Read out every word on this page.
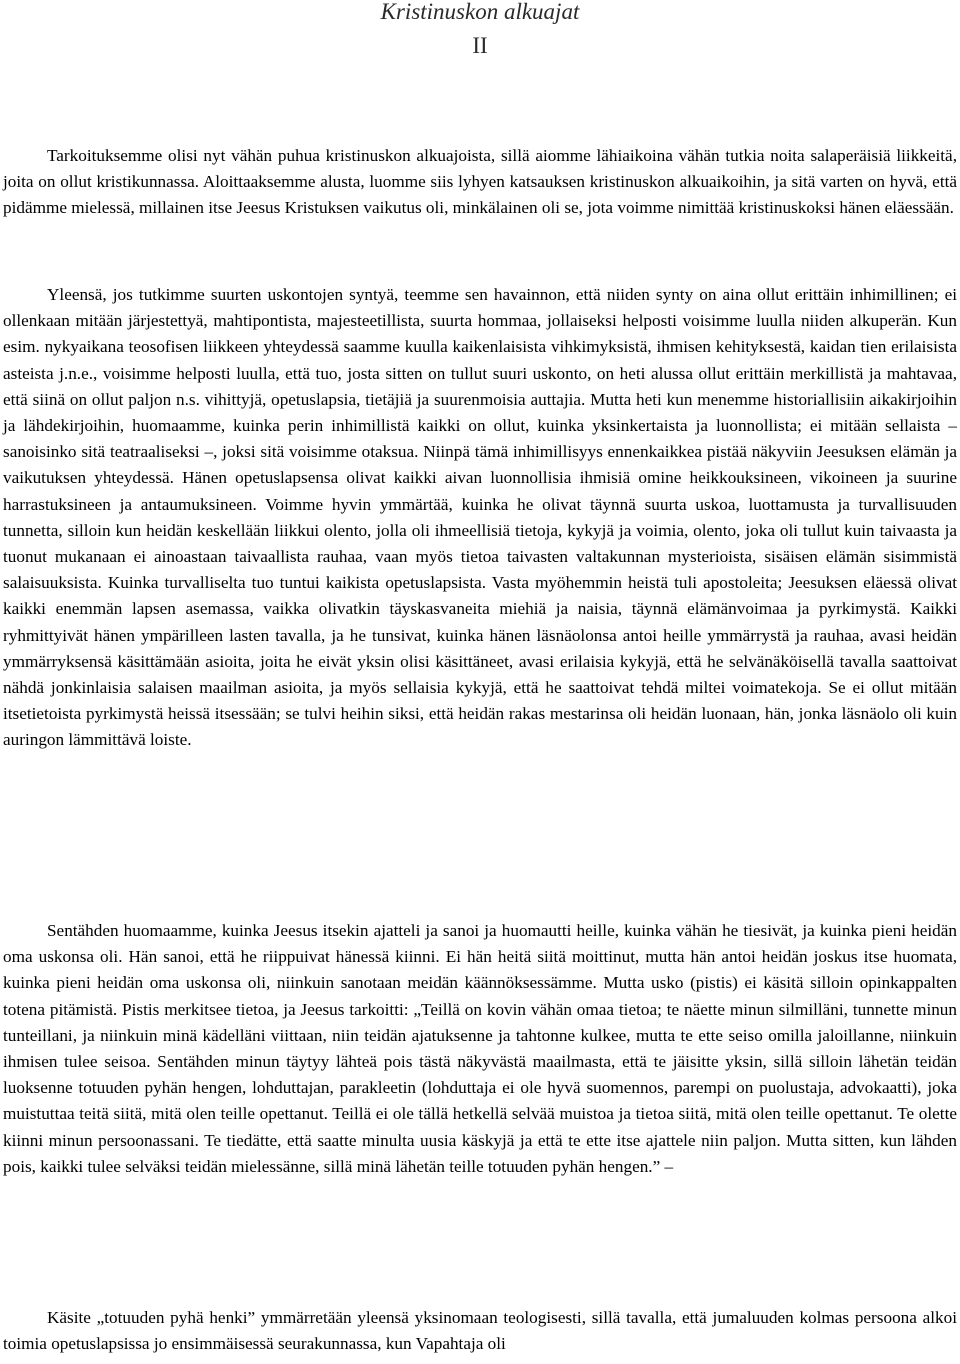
Kristinuskon alkuajat
II

Tarkoituksemme olisi nyt vähän puhua kristinuskon alkuajoista, sillä aiomme lähiaikoina vähän tutkia noita salaperäisiä liikkeitä, joita on ollut kristikunnassa. Aloittaaksemme alusta, luomme siis lyhyen katsauksen kristinuskon alkuaikoihin, ja sitä varten on hyvä, että pidämme mielessä, millainen itse Jeesus Kristuksen vaikutus oli, minkälainen oli se, jota voimme nimittää kristinuskoksi hänen eläessään.

Yleensä, jos tutkimme suurten uskontojen syntyä, teemme sen havainnon, että niiden synty on aina ollut erittäin inhimillinen; ei ollenkaan mitään järjestettyä, mahtipontista, majesteetillista, suurta hommaa, jollaiseksi helposti voisimme luulla niiden alkuperän. Kun esim. nykyaikana teosofisen liikkeen yhteydessä saamme kuulla kaikenlaisista vihkimyksistä, ihmisen kehityksestä, kaidan tien erilaisista asteista j.n.e., voisimme helposti luulla, että tuo, josta sitten on tullut suuri uskonto, on heti alussa ollut erittäin merkillistä ja mahtavaa, että siinä on ollut paljon n.s. vihittyjä, opetuslapsia, tietäjiä ja suurenmoisia auttajia. Mutta heti kun menemme historiallisiin aikakirjoihin ja lähdekirjoihin, huomaamme, kuinka perin inhimillistä kaikki on ollut, kuinka yksinkertaista ja luonnollista; ei mitään sellaista – sanoisinko sitä teatraaliseksi –, joksi sitä voisimme otaksua. Niinpä tämä inhimillisyys ennenkaikkea pistää näkyviin Jeesuksen elämän ja vaikutuksen yhteydessä. Hänen opetuslapsensa olivat kaikki aivan luonnollisia ihmisiä omine heikkouksineen, vikoineen ja suurine harrastuksineen ja antaumuksineen. Voimme hyvin ymmärtää, kuinka he olivat täynnä suurta uskoa, luottamusta ja turvallisuuden tunnetta, silloin kun heidän keskellään liikkui olento, jolla oli ihmeellisiä tietoja, kykyjä ja voimia, olento, joka oli tullut kuin taivaasta ja tuonut mukanaan ei ainoastaan taivaallista rauhaa, vaan myös tietoa taivasten valtakunnan mysterioista, sisäisen elämän sisimmistä salaisuuksista. Kuinka turvalliselta tuo tuntui kaikista opetuslapsista. Vasta myöhemmin heistä tuli apostoleita; Jeesuksen eläessä olivat kaikki enemmän lapsen asemassa, vaikka olivatkin täyskasvaneita miehiä ja naisia, täynnä elämänvoimaa ja pyrkimystä. Kaikki ryhmittyivät hänen ympärilleen lasten tavalla, ja he tunsivat, kuinka hänen läsnäolonsa antoi heille ymmärrystä ja rauhaa, avasi heidän ymmärryksensä käsittämään asioita, joita he eivät yksin olisi käsittäneet, avasi erilaisia kykyjä, että he selvänäköisellä tavalla saattoivat nähdä jonkinlaisia salaisen maailman asioita, ja myös sellaisia kykyjä, että he saattoivat tehdä miltei voimatekoja. Se ei ollut mitään itsetietoista pyrkimystä heissä itsessään; se tulvi heihin siksi, että heidän rakas mestarinsa oli heidän luonaan, hän, jonka läsnäolo oli kuin auringon lämmittävä loiste.

Sentähden huomaamme, kuinka Jeesus itsekin ajatteli ja sanoi ja huomautti heille, kuinka vähän he tiesivät, ja kuinka pieni heidän oma uskonsa oli. Hän sanoi, että he riippuivat hänessä kiinni. Ei hän heitä siitä moittinut, mutta hän antoi heidän joskus itse huomata, kuinka pieni heidän oma uskonsa oli, niinkuin sanotaan meidän käännöksessämme. Mutta usko (pistis) ei käsitä silloin opinkappalten totena pitämistä. Pistis merkitsee tietoa, ja Jeesus tarkoitti: „Teillä on kovin vähän omaa tietoa; te näette minun silmilläni, tunnette minun tunteillani, ja niinkuin minä kädelläni viittaan, niin teidän ajatuksenne ja tahtonne kulkee, mutta te ette seiso omilla jaloillanne, niinkuin ihmisen tulee seisoa. Sentähden minun täytyy lähteä pois tästä näkyvästä maailmasta, että te jäisitte yksin, sillä silloin lähetän teidän luoksenne totuuden pyhän hengen, lohduttajan, parakleetin (lohduttaja ei ole hyvä suomennos, parempi on puolustaja, advokaatti), joka muistuttaa teitä siitä, mitä olen teille opettanut. Teillä ei ole tällä hetkellä selvää muistoa ja tietoa siitä, mitä olen teille opettanut. Te olette kiinni minun persoonassani. Te tiedätte, että saatte minulta uusia käskyjä ja että te ette itse ajattele niin paljon. Mutta sitten, kun lähden pois, kaikki tulee selväksi teidän mielessänne, sillä minä lähetän teille totuuden pyhän hengen.” –

Käsite „totuuden pyhä henki” ymmärretään yleensä yksinomaan teologisesti, sillä tavalla, että jumaluuden kolmas persoona alkoi toimia opetuslapsissa jo ensimmäisessä seurakunnassa, kun Vapahtaja oli
